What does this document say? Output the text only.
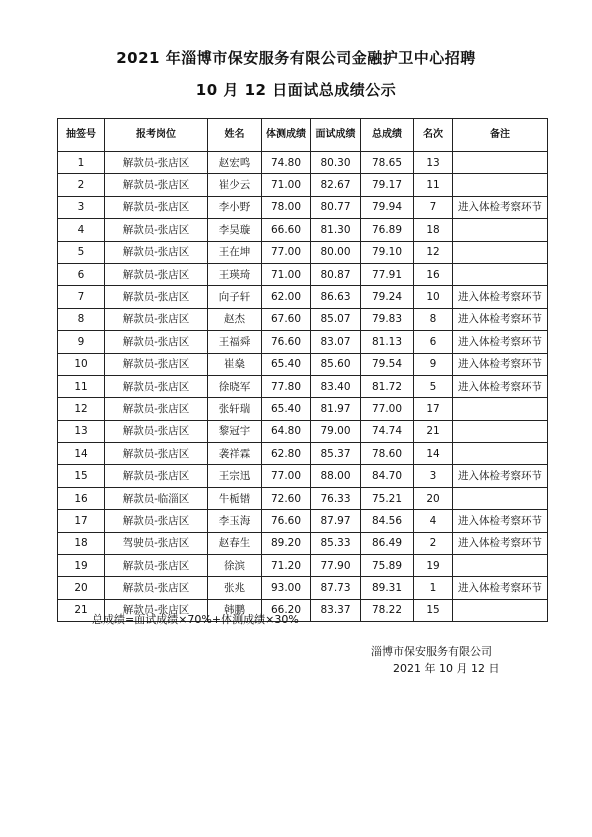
2021 年淄博市保安服务有限公司金融护卫中心招聘
10 月 12 日面试总成绩公示
抽签号	报考岗位	姓名	体测成绩	面试成绩	总成绩	名次	备注
1	解款员-张店区	赵宏鸣	74.80	80.30	78.65	13	
2	解款员-张店区	崔少云	71.00	82.67	79.17	11	
3	解款员-张店区	李小野	78.00	80.77	79.94	7	进入体检考察环节
4	解款员-张店区	李昊璇	66.60	81.30	76.89	18	
5	解款员-张店区	王在坤	77.00	80.00	79.10	12	
6	解款员-张店区	王瑛琦	71.00	80.87	77.91	16	
7	解款员-张店区	向子轩	62.00	86.63	79.24	10	进入体检考察环节
8	解款员-张店区	赵杰	67.60	85.07	79.83	8	进入体检考察环节
9	解款员-张店区	王福舜	76.60	83.07	81.13	6	进入体检考察环节
10	解款员-张店区	崔燊	65.40	85.60	79.54	9	进入体检考察环节
11	解款员-张店区	徐晓军	77.80	83.40	81.72	5	进入体检考察环节
12	解款员-张店区	张轩瑞	65.40	81.97	77.00	17	
13	解款员-张店区	黎冠宇	64.80	79.00	74.74	21	
14	解款员-张店区	袭祥霖	62.80	85.37	78.60	14	
15	解款员-张店区	王宗迅	77.00	88.00	84.70	3	进入体检考察环节
16	解款员-临淄区	牛栀镨	72.60	76.33	75.21	20	
17	解款员-张店区	李玉海	76.60	87.97	84.56	4	进入体检考察环节
18	驾驶员-张店区	赵春生	89.20	85.33	86.49	2	进入体检考察环节
19	解款员-张店区	徐滨	71.20	77.90	75.89	19	
20	解款员-张店区	张兆	93.00	87.73	89.31	1	进入体检考察环节
21	解款员-张店区	韩鹏	66.20	83.37	78.22	15	
总成绩=面试成绩×70%+体测成绩×30%
淄博市保安服务有限公司
2021 年 10 月 12 日
